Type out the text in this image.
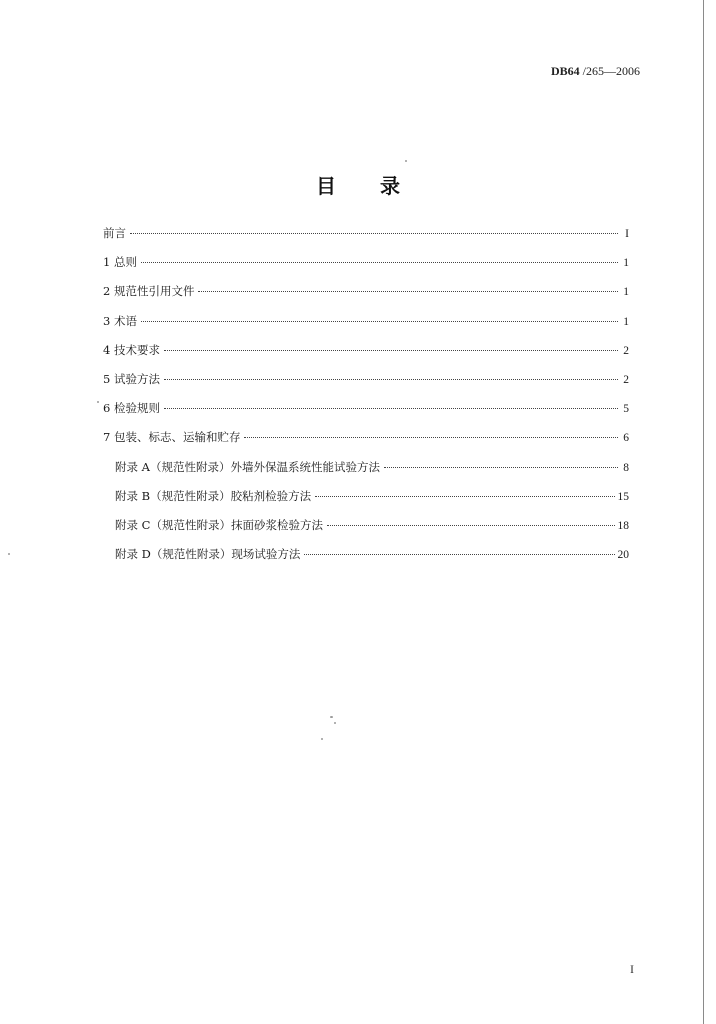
DB64 /265—2006
目录
前言	I
1 总则	1
2 规范性引用文件	1
3 术语	1
4 技术要求	2
5 试验方法	2
6 检验规则	5
7 包装、标志、运输和贮存	6
附录 A（规范性附录）外墙外保温系统性能试验方法	8
附录 B（规范性附录）胶粘剂检验方法	15
附录 C（规范性附录）抹面砂浆检验方法	18
附录 D（规范性附录）现场试验方法	20
I
